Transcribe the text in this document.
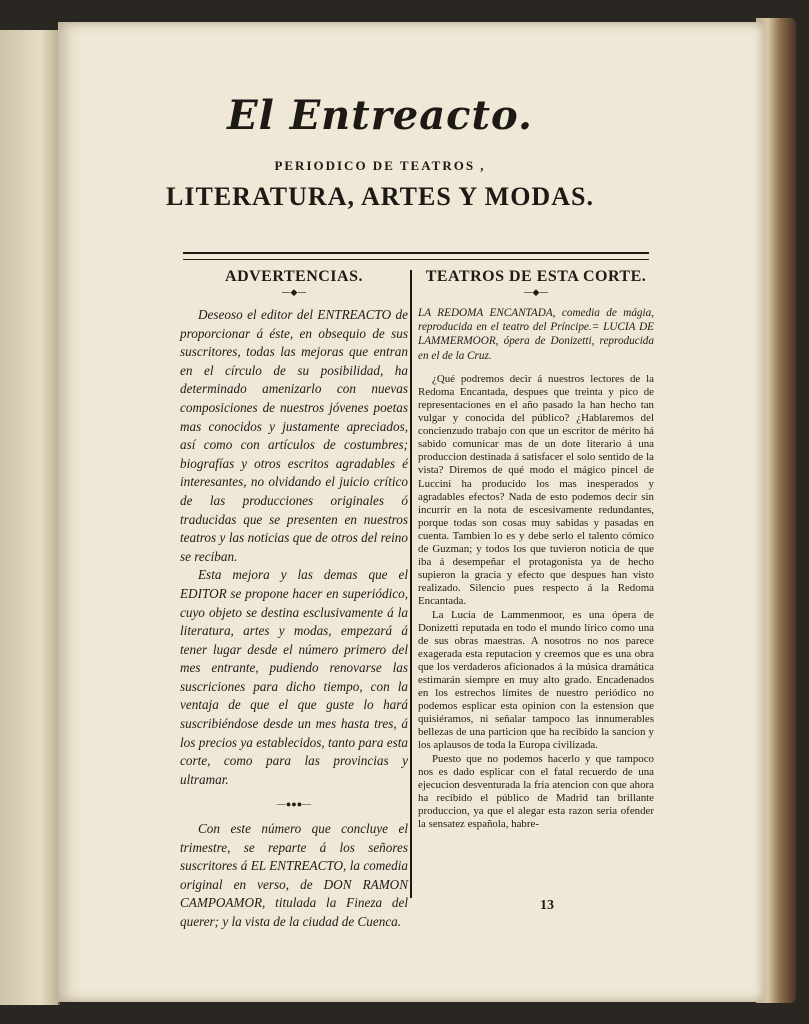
El Entreacto.
PERIODICO DE TEATROS ,
LITERATURA, ARTES Y MODAS.
ADVERTENCIAS.
—◆—

Deseoso el editor del ENTREACTO de proporcionar á éste, en obsequio de sus suscritores, todas las mejoras que entran en el círculo de su posibilidad, ha determinado amenizarlo con nuevas composiciones de nuestros jóvenes poetas mas conocidos y justamente apreciados, así como con artículos de costumbres; biografías y otros escritos agradables é interesantes, no olvidando el juicio crítico de las producciones originales ó traducidas que se presenten en nuestros teatros y las noticias que de otros del reino se reciban.

Esta mejora y las demas que el EDITOR se propone hacer en superiódico, cuyo objeto se destina esclusivamente á la literatura, artes y modas, empezará á tener lugar desde el número primero del mes entrante, pudiendo renovarse las suscriciones para dicho tiempo, con la ventaja de que el que guste lo hará suscribiéndose desde un mes hasta tres, á los precios ya establecidos, tanto para esta corte, como para las provincias y ultramar.

—●●●—

Con este número que concluye el trimestre, se reparte á los señores suscritores á EL ENTREACTO, la comedia original en verso, de DON RAMON CAMPOAMOR, titulada la Fineza del querer; y la vista de la ciudad de Cuenca.

TEATROS DE ESTA CORTE.
—◆—
LA REDOMA ENCANTADA, comedia de mágia, reproducida en el teatro del Príncipe.= LUCIA DE LAMMERMOOR, ópera de Donizetti, reproducida en el de la Cruz.

¿Qué podremos decir á nuestros lectores de la Redoma Encantada, despues que treinta y pico de representaciones en el año pasado la han hecho tan vulgar y conocida del público? ¿Hablaremos del concienzudo trabajo con que un escritor de mérito há sabido comunicar mas de un dote literario á una produccion destinada á satisfacer el solo sentido de la vista? Diremos de qué modo el mágico pincel de Luccini ha producido los mas inesperados y agradables efectos? Nada de esto podemos decir sin incurrir en la nota de escesivamente redundantes, porque todas son cosas muy sabidas y pasadas en cuenta. Tambien lo es y debe serlo el talento cómico de Guzman; y todos los que tuvieron noticia de que iba á desempeñar el protagonista ya de hecho supieron la gracia y efecto que despues han visto realizado. Silencio pues respecto á la Redoma Encantada.

La Lucía de Lammenmoor, es una ópera de Donizetti reputada en todo el mundo lírico como una de sus obras maestras. A nosotros no nos parece exagerada esta reputacion y creemos que es una obra que los verdaderos aficionados á la música dramática estimarán siempre en muy alto grado. Encadenados en los estrechos límites de nuestro periódico no podemos esplicar esta opinion con la estension que quisiéramos, ni señalar tampoco las innumerables bellezas de una particion que ha recibido la sancion y los aplausos de toda la Europa civilizada.

Puesto que no podemos hacerlo y que tampoco nos es dado esplicar con el fatal recuerdo de una ejecucion desventurada la fria atencion con que ahora ha recibido el público de Madrid tan brillante produccion, ya que el alegar esta razon seria ofender la sensatez española, habre-

13
